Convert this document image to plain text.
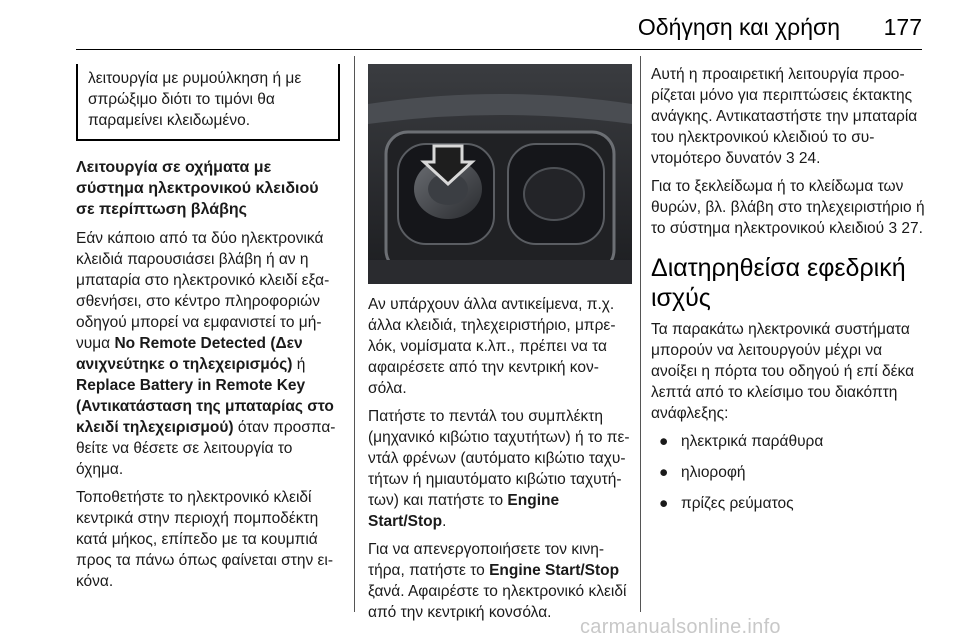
Οδήγηση και χρήση 177
λειτουργία με ρυμούλκηση ή με σπρώξιμο διότι το τιμόνι θα παραμείνει κλειδωμένο.
Λειτουργία σε οχήματα με σύστημα ηλεκτρονικού κλειδιού σε περίπτωση βλάβης

Εάν κάποιο από τα δύο ηλεκτρονικά κλειδιά παρουσιάσει βλάβη ή αν η μπαταρία στο ηλεκτρονικό κλειδί εξασθενήσει, στο κέντρο πληροφοριών οδηγού μπορεί να εμφανιστεί το μήνυμα No Remote Detected (Δεν ανιχνεύτηκε ο τηλεχειρισμός) ή Replace Battery in Remote Key (Αντικατάσταση της μπαταρίας στο κλειδί τηλεχειρισμού) όταν προσπαθείτε να θέσετε σε λειτουργία το όχημα.

Τοποθετήστε το ηλεκτρονικό κλειδί κεντρικά στην περιοχή πομποδέκτη κατά μήκος, επίπεδο με τα κουμπιά προς τα πάνω όπως φαίνεται στην εικόνα.

Αν υπάρχουν άλλα αντικείμενα, π.χ. άλλα κλειδιά, τηλεχειριστήριο, μπρελόκ, νομίσματα κ.λπ., πρέπει να τα αφαιρέσετε από την κεντρική κονσόλα.

Πατήστε το πεντάλ του συμπλέκτη (μηχανικό κιβώτιο ταχυτήτων) ή το πεντάλ φρένων (αυτόματο κιβώτιο ταχυτήτων ή ημιαυτόματο κιβώτιο ταχυτήτων) και πατήστε το Engine Start/Stop.

Για να απενεργοποιήσετε τον κινητήρα, πατήστε το Engine Start/Stop ξανά. Αφαιρέστε το ηλεκτρονικό κλειδί από την κεντρική κονσόλα.

Αυτή η προαιρετική λειτουργία προορίζεται μόνο για περιπτώσεις έκτακτης ανάγκης. Αντικαταστήστε την μπαταρία του ηλεκτρονικού κλειδιού το συντομότερο δυνατόν 3 24.

Για το ξεκλείδωμα ή το κλείδωμα των θυρών, βλ. βλάβη στο τηλεχειριστήριο ή το σύστημα ηλεκτρονικού κλειδιού 3 27.

Διατηρηθείσα εφεδρική ισχύς

Τα παρακάτω ηλεκτρονικά συστήματα μπορούν να λειτουργούν μέχρι να ανοίξει η πόρτα του οδηγού ή επί δέκα λεπτά από το κλείσιμο του διακόπτη ανάφλεξης:

● ηλεκτρικά παράθυρα
● ηλιοροφή
● πρίζες ρεύματος
carmanualsonline.info
